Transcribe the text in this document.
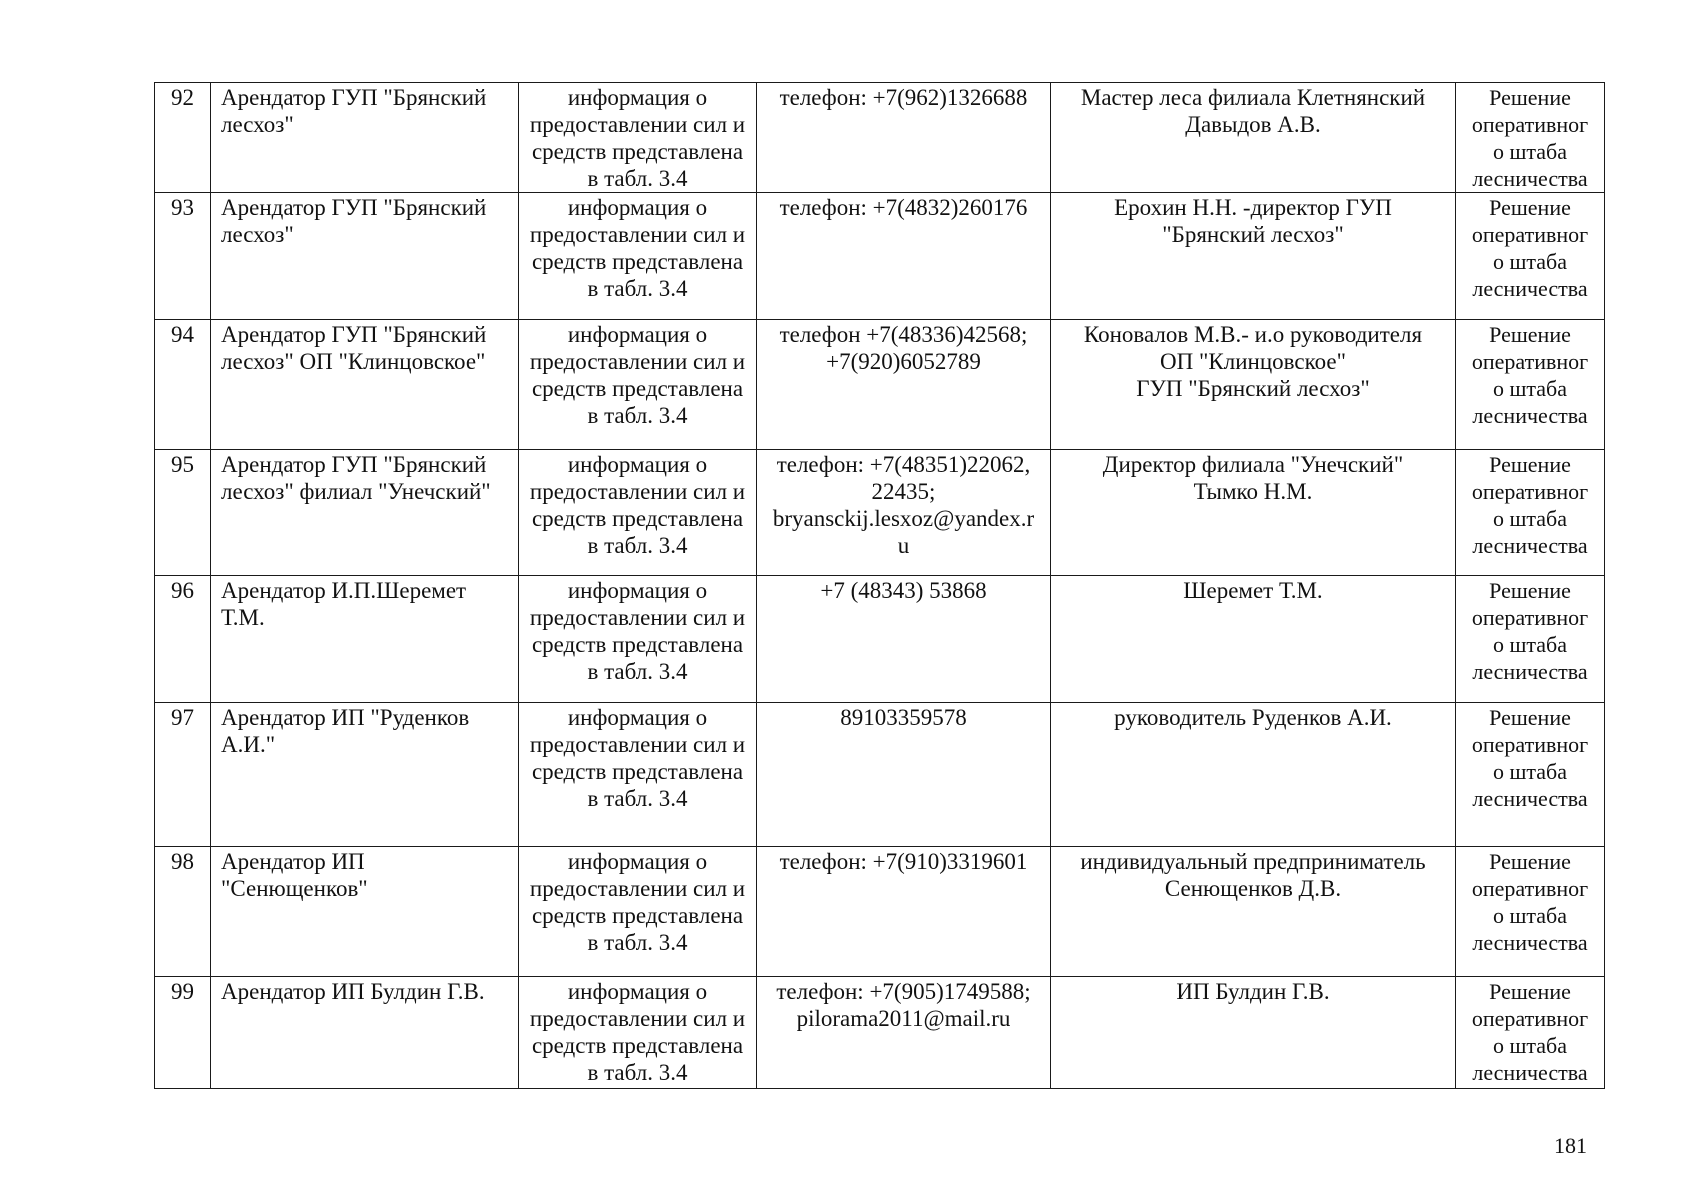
92	Арендатор ГУП "Брянский лесхоз"	информация о
предоставлении сил и
средств представлена
в табл. 3.4	телефон: +7(962)1326688	Мастер леса филиала Клетнянский
Давыдов А.В.	Решение
оперативног
о штаба
лесничества

93	Арендатор ГУП "Брянский лесхоз"	информация о
предоставлении сил и
средств представлена
в табл. 3.4	телефон: +7(4832)260176	Ерохин Н.Н. -директор ГУП
"Брянский лесхоз"	Решение
оперативног
о штаба
лесничества

94	Арендатор ГУП "Брянский лесхоз" ОП "Клинцовское"	информация о
предоставлении сил и
средств представлена
в табл. 3.4	телефон +7(48336)42568;
+7(920)6052789	Коновалов М.В.- и.о руководителя
ОП "Клинцовское"
ГУП "Брянский лесхоз"	Решение
оперативног
о штаба
лесничества

95	Арендатор ГУП "Брянский лесхоз" филиал "Унечский"	информация о
предоставлении сил и
средств представлена
в табл. 3.4	телефон: +7(48351)22062,
22435;
bryansckij.lesxoz@yandex.r
u	Директор филиала "Унечский"
Тымко Н.М.	Решение
оперативног
о штаба
лесничества

96	Арендатор И.П.Шеремет Т.М.	информация о
предоставлении сил и
средств представлена
в табл. 3.4	+7 (48343) 53868	Шеремет Т.М.	Решение
оперативног
о штаба
лесничества

97	Арендатор ИП "Руденков А.И."	информация о
предоставлении сил и
средств представлена
в табл. 3.4	89103359578	руководитель Руденков А.И.	Решение
оперативног
о штаба
лесничества

98	Арендатор ИП "Сенющенков"	информация о
предоставлении сил и
средств представлена
в табл. 3.4	телефон: +7(910)3319601	индивидуальный предприниматель
Сенющенков Д.В.	Решение
оперативног
о штаба
лесничества

99	Арендатор ИП Булдин Г.В.	информация о
предоставлении сил и
средств представлена
в табл. 3.4	телефон: +7(905)1749588;
pilorama2011@mail.ru	ИП Булдин Г.В.	Решение
оперативног
о штаба
лесничества
181
